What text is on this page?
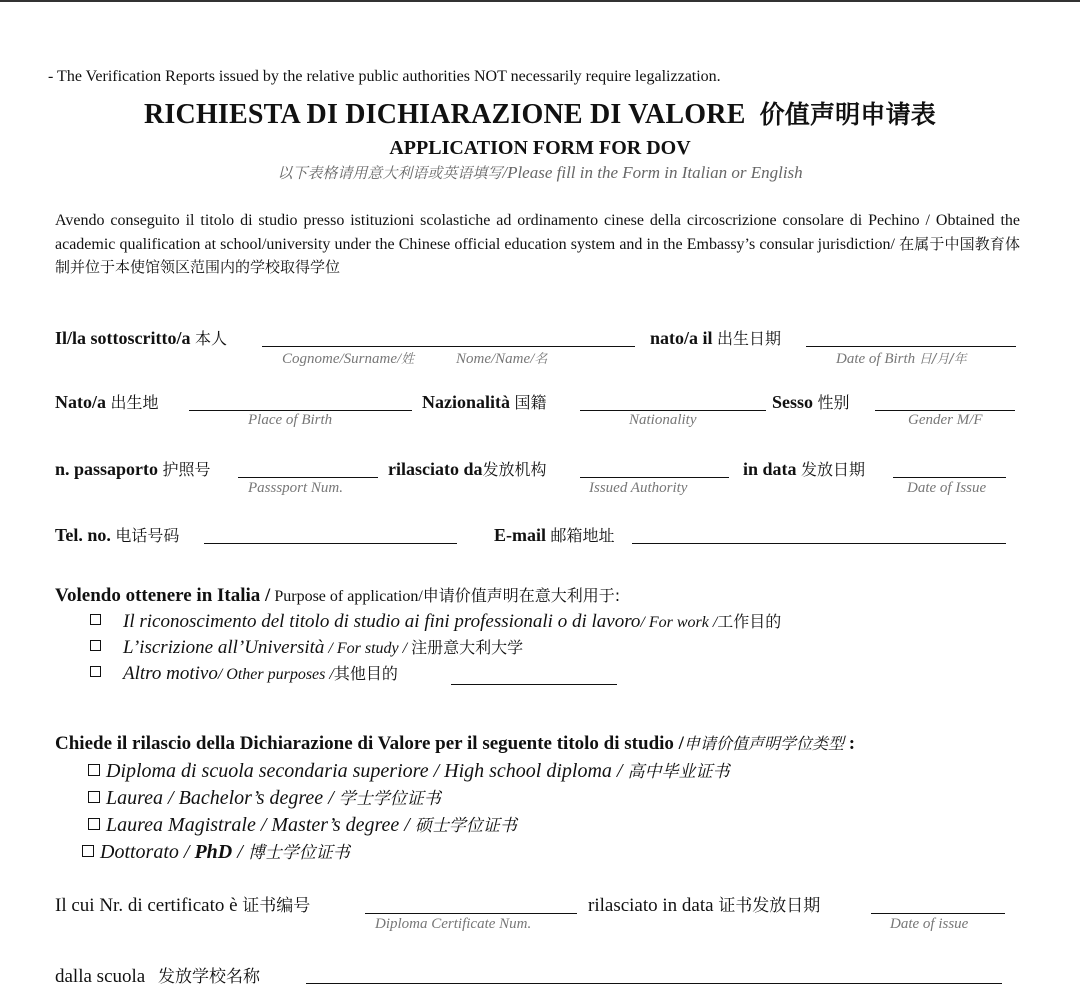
- The Verification Reports issued by the relative public authorities NOT necessarily require legalizzation.
RICHIESTA DI DICHIARAZIONE DI VALORE 价值声明申请表
APPLICATION FORM FOR DOV
以下表格请用意大利语或英语填写/Please fill in the Form in Italian or English
Avendo conseguito il titolo di studio presso istituzioni scolastiche ad ordinamento cinese della circoscrizione consolare di Pechino / Obtained the academic qualification at school/university under the Chinese official education system and in the Embassy’s consular jurisdiction/ 在属于中国教育体制并位于本使馆领区范围内的学校取得学位
Il/la sottoscritto/a 本人
Cognome/Surname/姓	Nome/Name/名
nato/a il 出生日期
Date of Birth 日/月/年
Nato/a 出生地
Place of Birth
Nazionalità 国籍
Nationality
Sesso 性别
Gender M/F
n. passaporto 护照号
Passsport Num.
rilasciato da发放机构
Issued Authority
in data 发放日期
Date of Issue
Tel. no. 电话号码	E-mail 邮箱地址
Volendo ottenere in Italia / Purpose of application/申请价值声明在意大利用于:
Il riconoscimento del titolo di studio ai fini professionali o di lavoro/ For work /工作目的
L’iscrizione all’Università / For study / 注册意大利大学
Altro motivo/ Other purposes /其他目的
Chiede il rilascio della Dichiarazione di Valore per il seguente titolo di studio /申请价值声明学位类型 :
Diploma di scuola secondaria superiore / High school diploma / 高中毕业证书
Laurea / Bachelor’s degree / 学士学位证书
Laurea Magistrale / Master’s degree / 硕士学位证书
Dottorato / PhD / 博士学位证书
Il cui Nr. di certificato è 证书编号
Diploma Certificate Num.
rilasciato in data 证书发放日期
Date of issue
dalla scuola 发放学校名称
